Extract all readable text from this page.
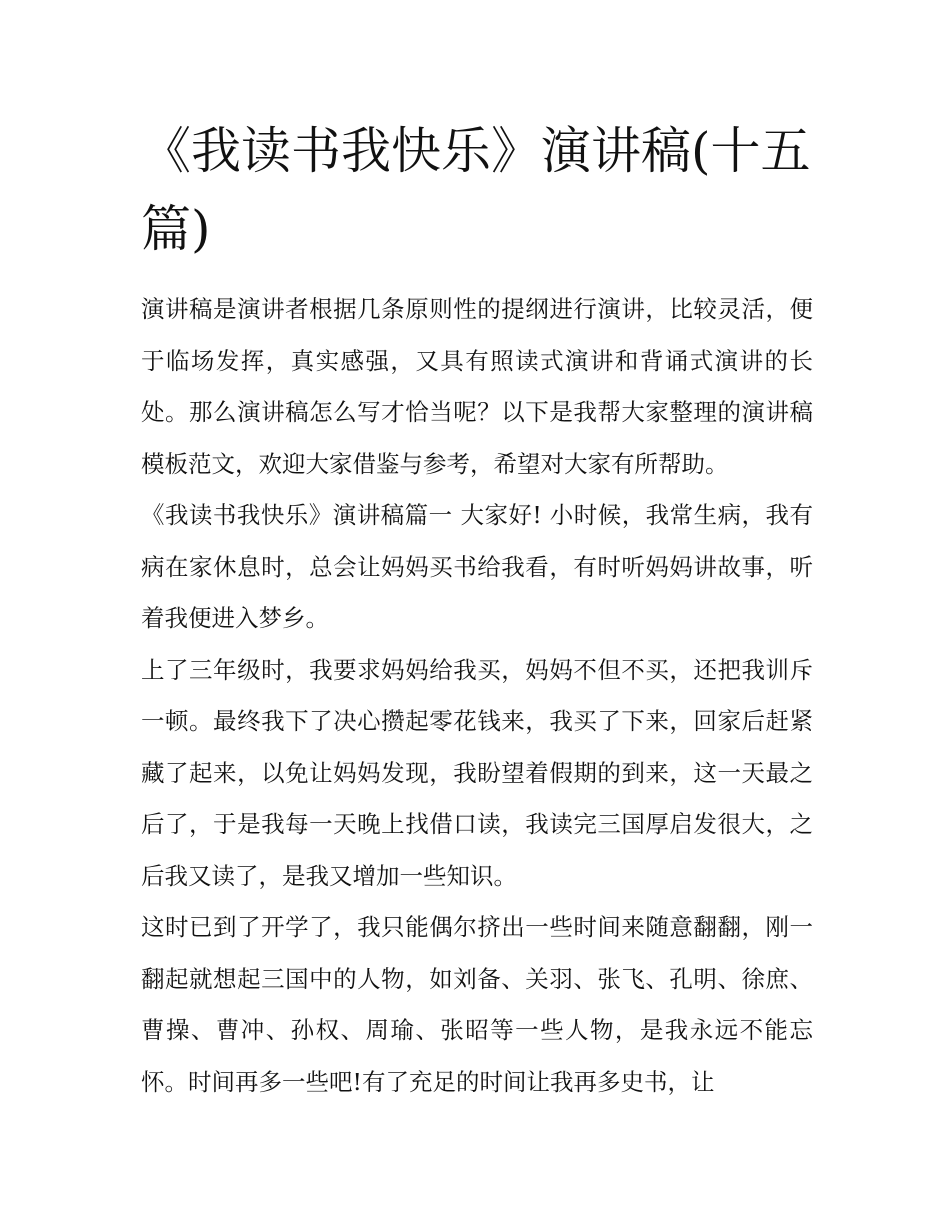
《我读书我快乐》演讲稿(十五篇)

演讲稿是演讲者根据几条原则性的提纲进行演讲，比较灵活，便于临场发挥，真实感强，又具有照读式演讲和背诵式演讲的长处。那么演讲稿怎么写才恰当呢？以下是我帮大家整理的演讲稿模板范文，欢迎大家借鉴与参考，希望对大家有所帮助。

《我读书我快乐》演讲稿篇一 大家好! 小时候，我常生病，我有病在家休息时，总会让妈妈买书给我看，有时听妈妈讲故事，听着我便进入梦乡。

上了三年级时，我要求妈妈给我买，妈妈不但不买，还把我训斥一顿。最终我下了决心攒起零花钱来，我买了下来，回家后赶紧藏了起来，以免让妈妈发现，我盼望着假期的到来，这一天最之后了，于是我每一天晚上找借口读，我读完三国厚启发很大，之后我又读了，是我又增加一些知识。

这时已到了开学了，我只能偶尔挤出一些时间来随意翻翻，刚一翻起就想起三国中的人物，如刘备、关羽、张飞、孔明、徐庶、曹操、曹冲、孙权、周瑜、张昭等一些人物，是我永远不能忘怀。时间再多一些吧!有了充足的时间让我再多史书，让
